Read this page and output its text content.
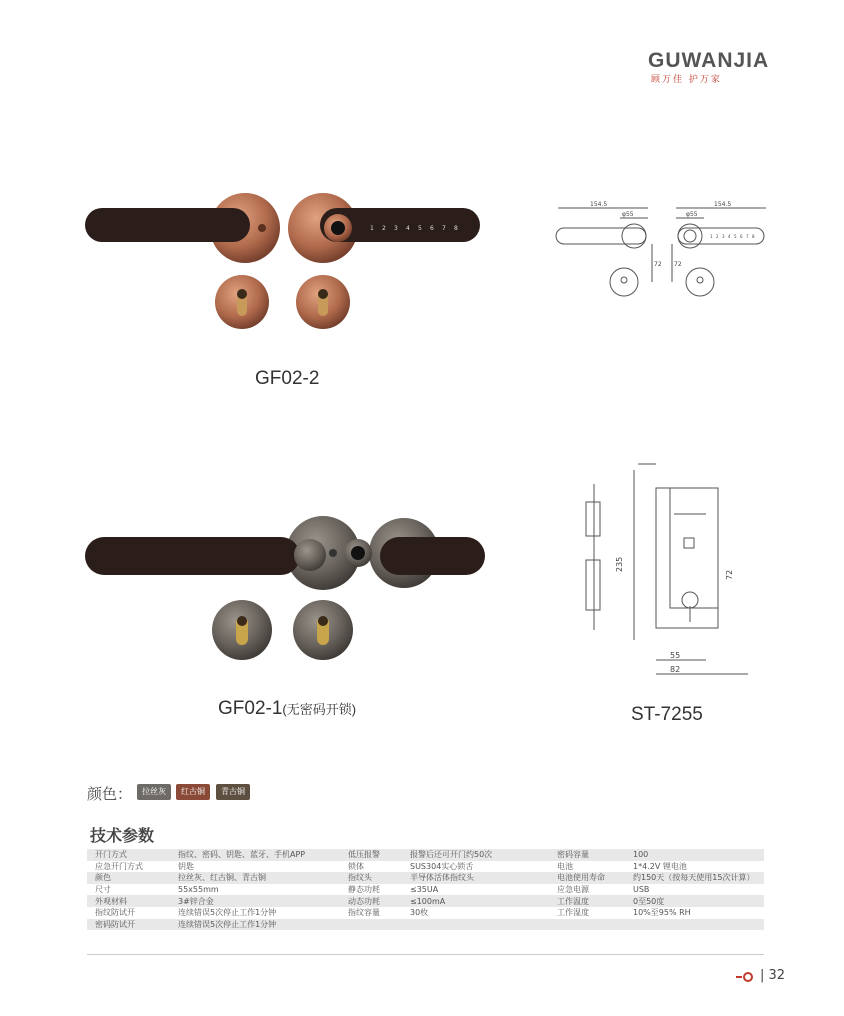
GUWANJIA
顾万佳 护万家
1 2 3 4 5 6 7 8
GF02-2
154.5	154.5
φ55	φ55
72 72
1 2 3 4 5 6 7 8
GF02-1(无密码开锁)
235
72
55
82
ST-7255
颜色：	拉丝灰	红古铜	青古铜
技术参数
开门方式	指纹、密码、钥匙、蓝牙、手机APP	低压报警	报警后还可开门约50次	密码容量	100
应急开门方式	钥匙	锁体	SUS304实心锁舌	电池	1*4.2V 锂电池
颜色	拉丝灰、红古铜、青古铜	指纹头	半导体活体指纹头	电池使用寿命	约150天（按每天使用15次计算）
尺寸	55x55mm	静态功耗	≤35UA	应急电源	USB
外观材料	3#锌合金	动态功耗	≤100mA	工作温度	0至50度
指纹防试开	连续错误5次停止工作1分钟	指纹容量	30枚	工作湿度	10%至95% RH
密码防试开	连续错误5次停止工作1分钟				
| 32
